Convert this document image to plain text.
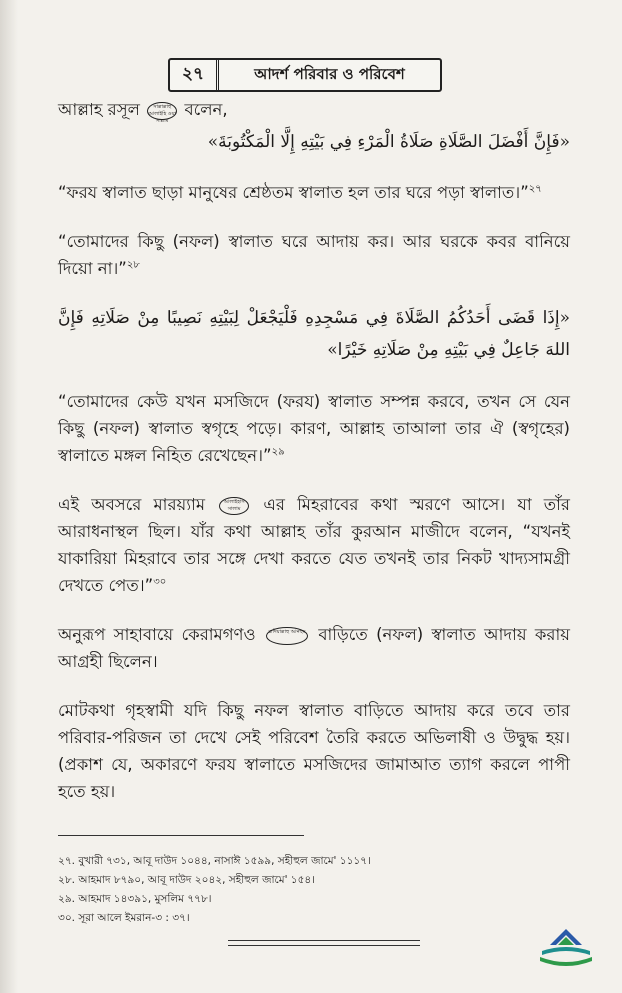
২৭	আদর্শ পরিবার ও পরিবেশ

আল্লাহ রসূল	সাল্লাল্লাহু আলাইহি ওয়া সাল্লাম বলেন,

«فَإِنَّ أَفْضَلَ الصَّلَاةِ صَلَاةُ الْمَرْءِ فِي بَيْتِهِ إِلَّا الْمَكْتُوبَةَ»

“ফরয স্বালাত ছাড়া মানুষের শ্রেষ্ঠতম স্বালাত হল তার ঘরে পড়া স্বালাত।”$^{২৭}$

“তোমাদের কিছু (নফল) স্বালাত ঘরে আদায় কর। আর ঘরকে কবর বানিয়ে দিয়ো না।”$^{২৮}$

«إِذَا قَضَى أَحَدُكُمُ الصَّلَاةَ فِي مَسْجِدِهِ فَلْيَجْعَلْ لِبَيْتِهِ نَصِيبًا مِنْ صَلَاتِهِ فَإِنَّ اللهَ جَاعِلٌ فِي بَيْتِهِ مِنْ صَلَاتِهِ خَيْرًا»

“তোমাদের কেউ যখন মসজিদে (ফরয) স্বালাত সম্পন্ন করবে, তখন সে যেন কিছু (নফল) স্বালাত স্বগৃহে পড়ে। কারণ, আল্লাহ তাআলা তার ঐ (স্বগৃহের) স্বালাতে মঙ্গল নিহিত রেখেছেন।”$^{২৯}$

এই অবসরে মারয়্যাম	আলাইহাস সালাম এর মিহরাবের কথা স্মরণে আসে। যা তাঁর আরাধনাস্থল ছিল। যাঁর কথা আল্লাহ তাঁর কুরআন মাজীদে বলেন, “যখনই যাকারিয়া মিহরাবে তার সঙ্গে দেখা করতে যেত তখনই তার নিকট খাদ্যসামগ্রী দেখতে পেত।”$^{৩০}$

অনুরূপ সাহাবায়ে কেরামগণও	রাদিয়াল্লাহু আনহুম বাড়িতে (নফল) স্বালাত আদায় করায় আগ্রহী ছিলেন।

মোটকথা গৃহস্বামী যদি কিছু নফল স্বালাত বাড়িতে আদায় করে তবে তার পরিবার-পরিজন তা দেখে সেই পরিবেশ তৈরি করতে অভিলাষী ও উদ্বুদ্ধ হয়। (প্রকাশ যে, অকারণে ফরয স্বালাতে মসজিদের জামাআত ত্যাগ করলে পাপী হতে হয়।

২৭. বুখারী ৭৩১, আবূ দাউদ ১০৪৪, নাসাঈ ১৫৯৯, সহীহুল জামে' ১১১৭।
২৮. আহমাদ ৮৭৯০, আবূ দাউদ ২০৪২, সহীহুল জামে' ১৫৪।
২৯. আহমাদ ১৪৩৯১, মুসলিম ৭৭৮।
৩০. সূরা আলে ইমরান-৩ : ৩৭।
